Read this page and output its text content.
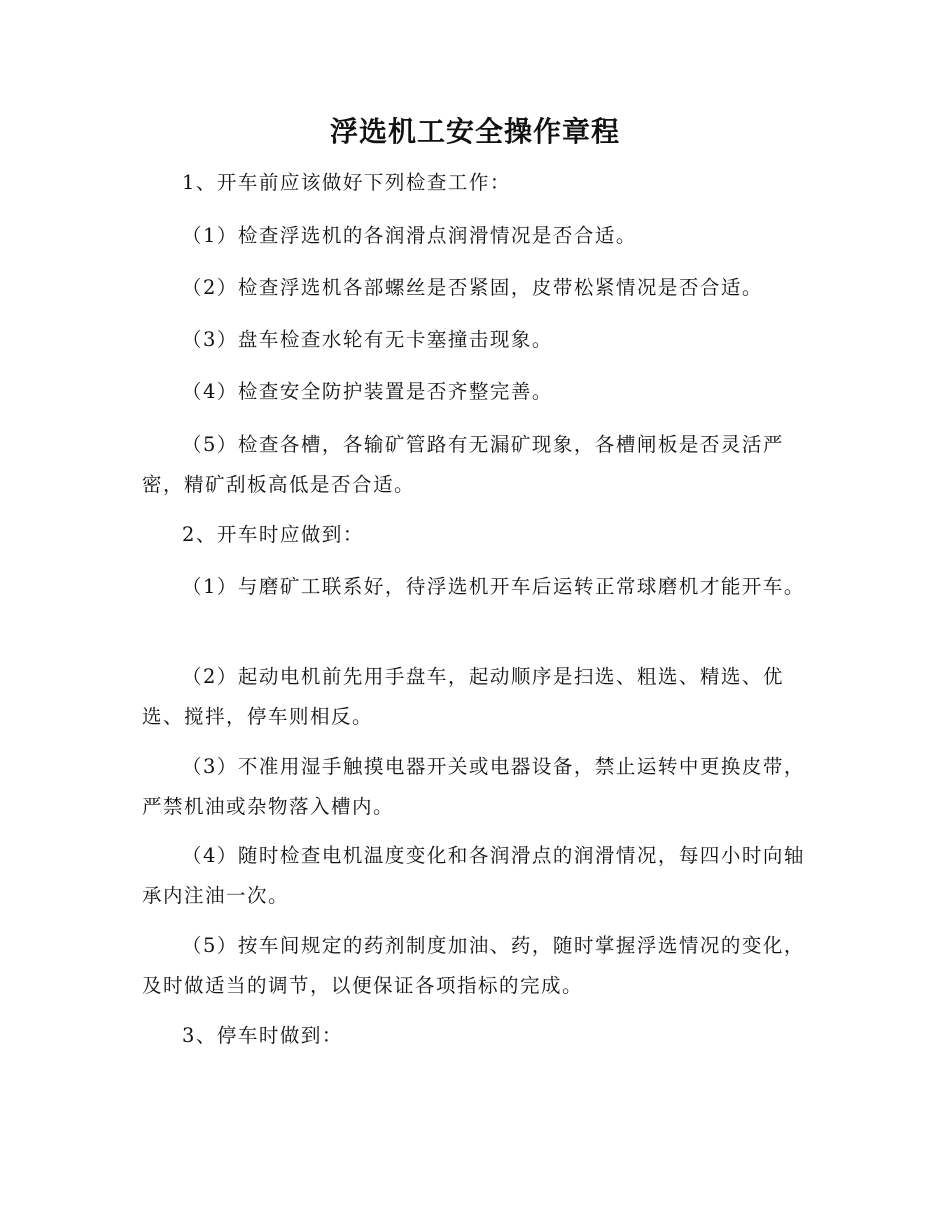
浮选机工安全操作章程

1、开车前应该做好下列检查工作：

（1）检查浮选机的各润滑点润滑情况是否合适。

（2）检查浮选机各部螺丝是否紧固，皮带松紧情况是否合适。

（3）盘车检查水轮有无卡塞撞击现象。

（4）检查安全防护装置是否齐整完善。

（5）检查各槽，各输矿管路有无漏矿现象，各槽闸板是否灵活严密，精矿刮板高低是否合适。

2、开车时应做到：

（1）与磨矿工联系好，待浮选机开车后运转正常球磨机才能开车。

（2）起动电机前先用手盘车，起动顺序是扫选、粗选、精选、优选、搅拌，停车则相反。

（3）不准用湿手触摸电器开关或电器设备，禁止运转中更换皮带，严禁机油或杂物落入槽内。

（4）随时检查电机温度变化和各润滑点的润滑情况，每四小时向轴承内注油一次。

（5）按车间规定的药剂制度加油、药，随时掌握浮选情况的变化，及时做适当的调节，以便保证各项指标的完成。

3、停车时做到：
